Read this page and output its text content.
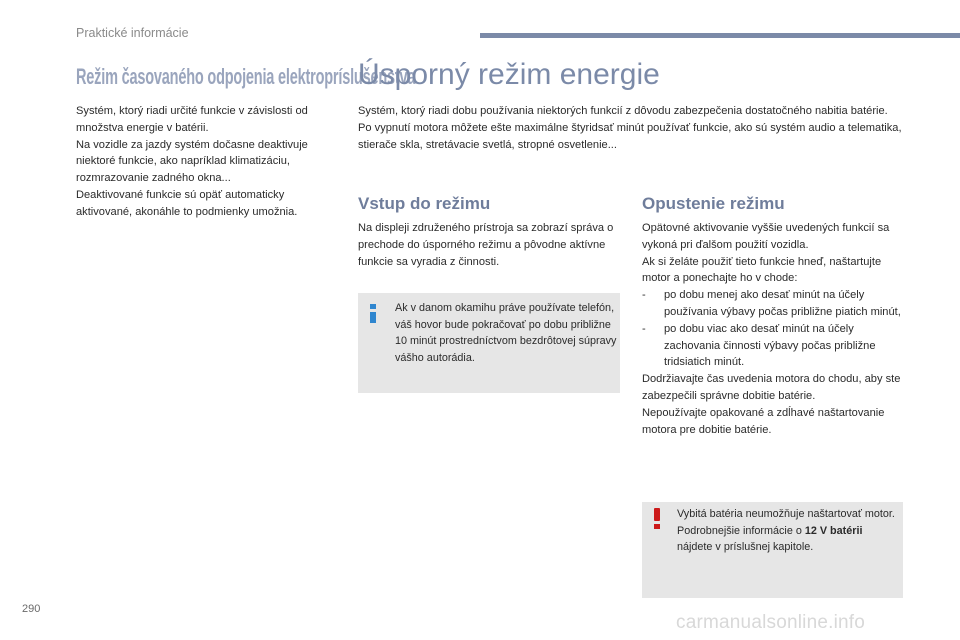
Praktické informácie
Režim časovaného odpojenia elektropríslušenstva

Systém, ktorý riadi určité funkcie v závislosti od množstva energie v batérii.

Na vozidle za jazdy systém dočasne deaktivuje niektoré funkcie, ako napríklad klimatizáciu, rozmrazovanie zadného okna...

Deaktivované funkcie sú opäť automaticky aktivované, akonáhle to podmienky umožnia.

Úsporný režim energie

Systém, ktorý riadi dobu používania niektorých funkcií z dôvodu zabezpečenia dostatočného nabitia batérie.

Po vypnutí motora môžete ešte maximálne štyridsať minút používať funkcie, ako sú systém audio a telematika, stierače skla, stretávacie svetlá, stropné osvetlenie...

Vstup do režimu

Na displeji združeného prístroja sa zobrazí správa o prechode do úsporného režimu a pôvodne aktívne funkcie sa vyradia z činnosti.

Ak v danom okamihu práve používate telefón, váš hovor bude pokračovať po dobu približne 10 minút prostredníctvom bezdrôtovej súpravy vášho autorádia.

Opustenie režimu

Opätovné aktivovanie vyššie uvedených funkcií sa vykoná pri ďalšom použití vozidla.

Ak si želáte použiť tieto funkcie hneď, naštartujte motor a ponechajte ho v chode:

-	po dobu menej ako desať minút na účely používania výbavy počas približne piatich minút,
-	po dobu viac ako desať minút na účely zachovania činnosti výbavy počas približne tridsiatich minút.

Dodržiavajte čas uvedenia motora do chodu, aby ste zabezpečili správne dobitie batérie.

Nepoužívajte opakované a zdĺhavé naštartovanie motora pre dobitie batérie.

Vybitá batéria neumožňuje naštartovať motor.

Podrobnejšie informácie o 12 V batérii nájdete v príslušnej kapitole.

290
carmanualsonline.info
